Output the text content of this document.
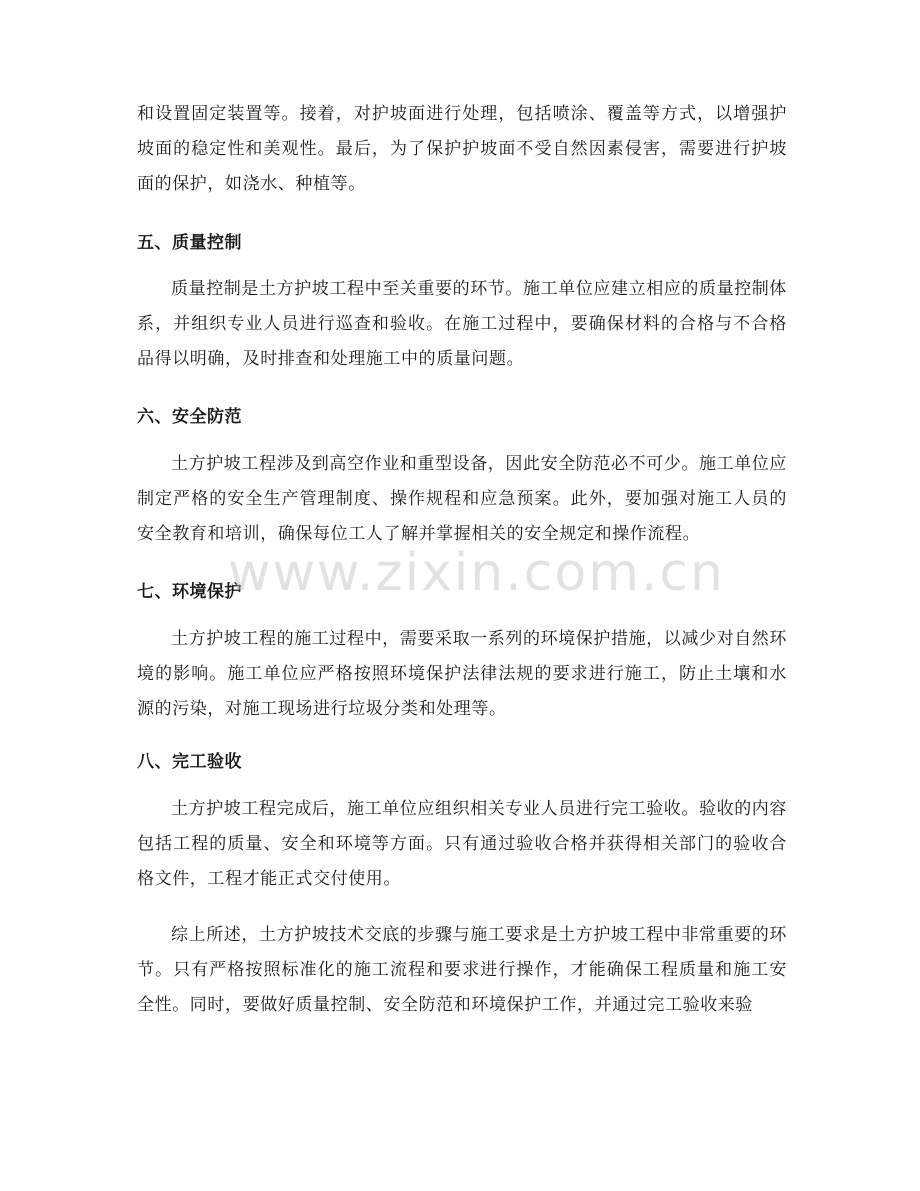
和设置固定装置等。接着，对护坡面进行处理，包括喷涂、覆盖等方式，以增强护坡面的稳定性和美观性。最后，为了保护护坡面不受自然因素侵害，需要进行护坡面的保护，如浇水、种植等。

五、质量控制

质量控制是土方护坡工程中至关重要的环节。施工单位应建立相应的质量控制体系，并组织专业人员进行巡查和验收。在施工过程中，要确保材料的合格与不合格品得以明确，及时排查和处理施工中的质量问题。

六、安全防范

土方护坡工程涉及到高空作业和重型设备，因此安全防范必不可少。施工单位应制定严格的安全生产管理制度、操作规程和应急预案。此外，要加强对施工人员的安全教育和培训，确保每位工人了解并掌握相关的安全规定和操作流程。

七、环境保护

土方护坡工程的施工过程中，需要采取一系列的环境保护措施，以减少对自然环境的影响。施工单位应严格按照环境保护法律法规的要求进行施工，防止土壤和水源的污染，对施工现场进行垃圾分类和处理等。

八、完工验收

土方护坡工程完成后，施工单位应组织相关专业人员进行完工验收。验收的内容包括工程的质量、安全和环境等方面。只有通过验收合格并获得相关部门的验收合格文件，工程才能正式交付使用。

综上所述，土方护坡技术交底的步骤与施工要求是土方护坡工程中非常重要的环节。只有严格按照标准化的施工流程和要求进行操作，才能确保工程质量和施工安全性。同时，要做好质量控制、安全防范和环境保护工作，并通过完工验收来验

www.zixin.com.cn
